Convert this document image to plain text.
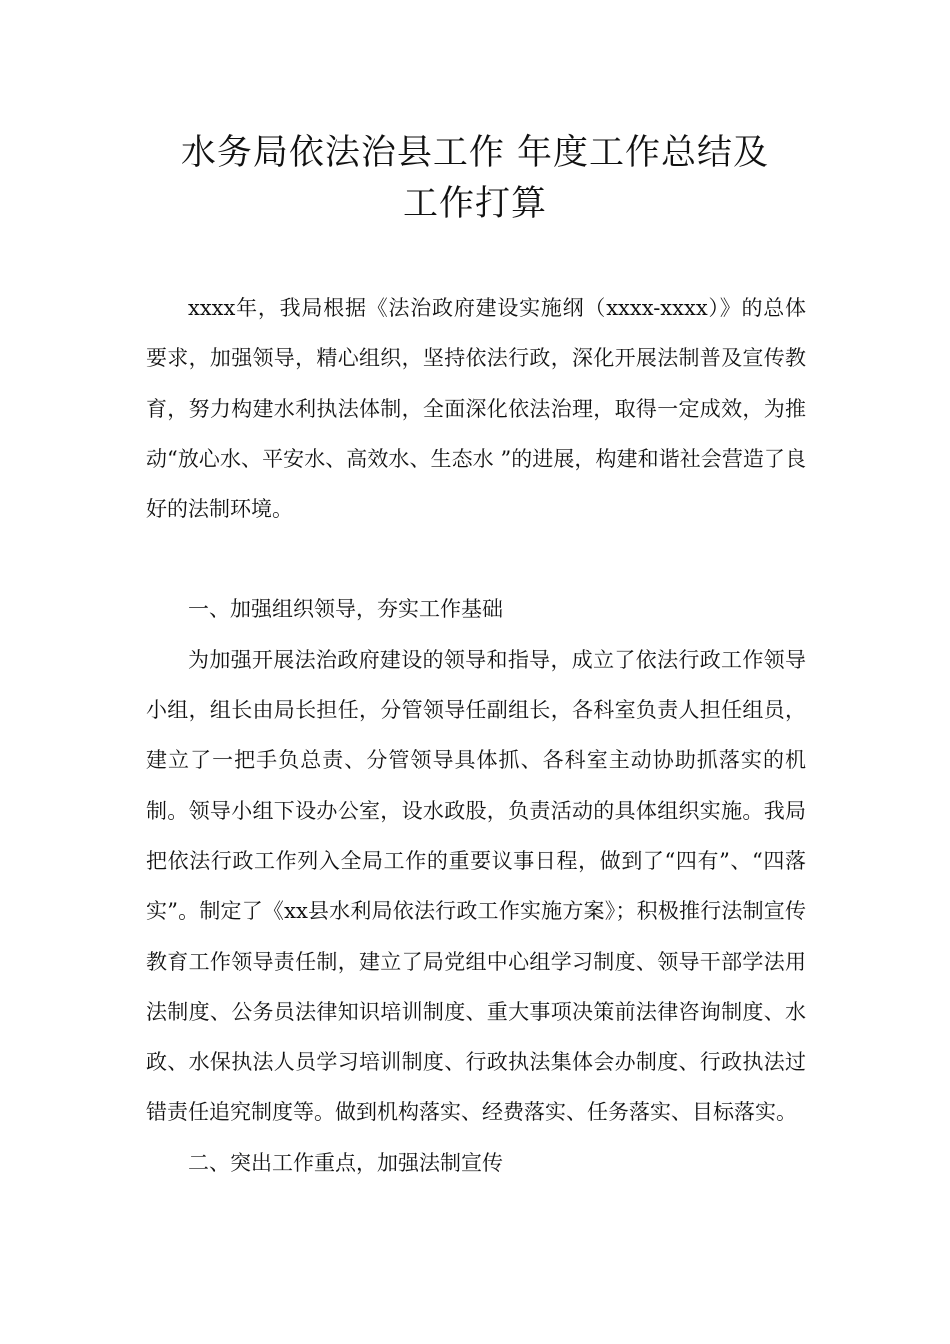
水务局依法治县工作 年度工作总结及
工作打算

xxxx年，我局根据《法治政府建设实施纲（xxxx-xxxx）》的总体要求，加强领导，精心组织，坚持依法行政，深化开展法制普及宣传教育，努力构建水利执法体制，全面深化依法治理，取得一定成效，为推动“放心水、平安水、高效水、生态水 ”的进展，构建和谐社会营造了良好的法制环境。

一、加强组织领导，夯实工作基础

为加强开展法治政府建设的领导和指导，成立了依法行政工作领导小组，组长由局长担任，分管领导任副组长，各科室负责人担任组员，建立了一把手负总责、分管领导具体抓、各科室主动协助抓落实的机制。领导小组下设办公室，设水政股，负责活动的具体组织实施。我局把依法行政工作列入全局工作的重要议事日程，做到了“四有”、“四落实”。制定了《xx县水利局依法行政工作实施方案》；积极推行法制宣传教育工作领导责任制，建立了局党组中心组学习制度、领导干部学法用法制度、公务员法律知识培训制度、重大事项决策前法律咨询制度、水政、水保执法人员学习培训制度、行政执法集体会办制度、行政执法过错责任追究制度等。做到机构落实、经费落实、任务落实、目标落实。

二、突出工作重点，加强法制宣传
